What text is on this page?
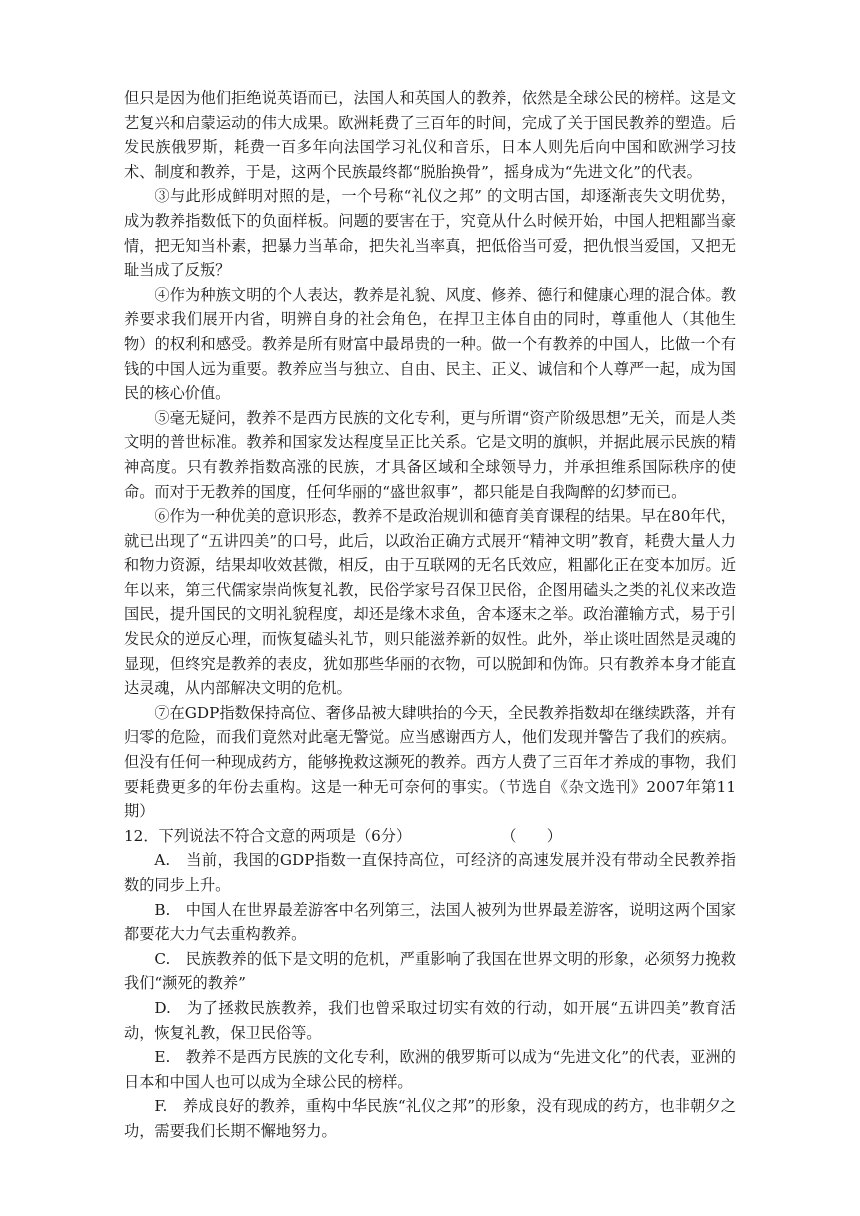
但只是因为他们拒绝说英语而已，法国人和英国人的教养，依然是全球公民的榜样。这是文艺复兴和启蒙运动的伟大成果。欧洲耗费了三百年的时间，完成了关于国民教养的塑造。后发民族俄罗斯，耗费一百多年向法国学习礼仪和音乐，日本人则先后向中国和欧洲学习技术、制度和教养，于是，这两个民族最终都“脱胎换骨”，摇身成为“先进文化”的代表。

③与此形成鲜明对照的是，一个号称“礼仪之邦” 的文明古国，却逐渐丧失文明优势，成为教养指数低下的负面样板。问题的要害在于，究竟从什么时候开始，中国人把粗鄙当豪情，把无知当朴素，把暴力当革命，把失礼当率真，把低俗当可爱，把仇恨当爱国，又把无耻当成了反叛？

④作为种族文明的个人表达，教养是礼貌、风度、修养、德行和健康心理的混合体。教养要求我们展开内省，明辨自身的社会角色，在捍卫主体自由的同时，尊重他人（其他生物）的权利和感受。教养是所有财富中最昂贵的一种。做一个有教养的中国人，比做一个有钱的中国人远为重要。教养应当与独立、自由、民主、正义、诚信和个人尊严一起，成为国民的核心价值。

⑤毫无疑问，教养不是西方民族的文化专利，更与所谓“资产阶级思想”无关，而是人类文明的普世标准。教养和国家发达程度呈正比关系。它是文明的旗帜，并据此展示民族的精神高度。只有教养指数高涨的民族，才具备区域和全球领导力，并承担维系国际秩序的使命。而对于无教养的国度，任何华丽的“盛世叙事”，都只能是自我陶醉的幻梦而已。

⑥作为一种优美的意识形态，教养不是政治规训和德育美育课程的结果。早在80年代，就已出现了“五讲四美”的口号，此后，以政治正确方式展开“精神文明”教育，耗费大量人力和物力资源，结果却收效甚微，相反，由于互联网的无名氏效应，粗鄙化正在变本加厉。近年以来，第三代儒家崇尚恢复礼教，民俗学家号召保卫民俗，企图用磕头之类的礼仪来改造国民，提升国民的文明礼貌程度，却还是缘木求鱼，舍本逐末之举。政治灌输方式，易于引发民众的逆反心理，而恢复磕头礼节，则只能滋养新的奴性。此外，举止谈吐固然是灵魂的显现，但终究是教养的表皮，犹如那些华丽的衣物，可以脱卸和伪饰。只有教养本身才能直达灵魂，从内部解决文明的危机。

⑦在GDP指数保持高位、奢侈品被大肆哄抬的今天，全民教养指数却在继续跌落，并有归零的危险，而我们竟然对此毫无警觉。应当感谢西方人，他们发现并警告了我们的疾病。但没有任何一种现成药方，能够挽救这濒死的教养。西方人费了三百年才养成的事物，我们要耗费更多的年份去重构。这是一种无可奈何的事实。（节选自《杂文选刊》2007年第11期）

12．下列说法不符合文意的两项是（6分）	（　　）

A.　当前，我国的GDP指数一直保持高位，可经济的高速发展并没有带动全民教养指数的同步上升。

B.　中国人在世界最差游客中名列第三，法国人被列为世界最差游客，说明这两个国家都要花大力气去重构教养。

C.　民族教养的低下是文明的危机，严重影响了我国在世界文明的形象，必须努力挽救我们“濒死的教养”

D.　为了拯救民族教养，我们也曾采取过切实有效的行动，如开展“五讲四美”教育活动，恢复礼教，保卫民俗等。

E.　教养不是西方民族的文化专利，欧洲的俄罗斯可以成为“先进文化”的代表，亚洲的日本和中国人也可以成为全球公民的榜样。

F.　养成良好的教养，重构中华民族“礼仪之邦”的形象，没有现成的药方，也非朝夕之功，需要我们长期不懈地努力。
